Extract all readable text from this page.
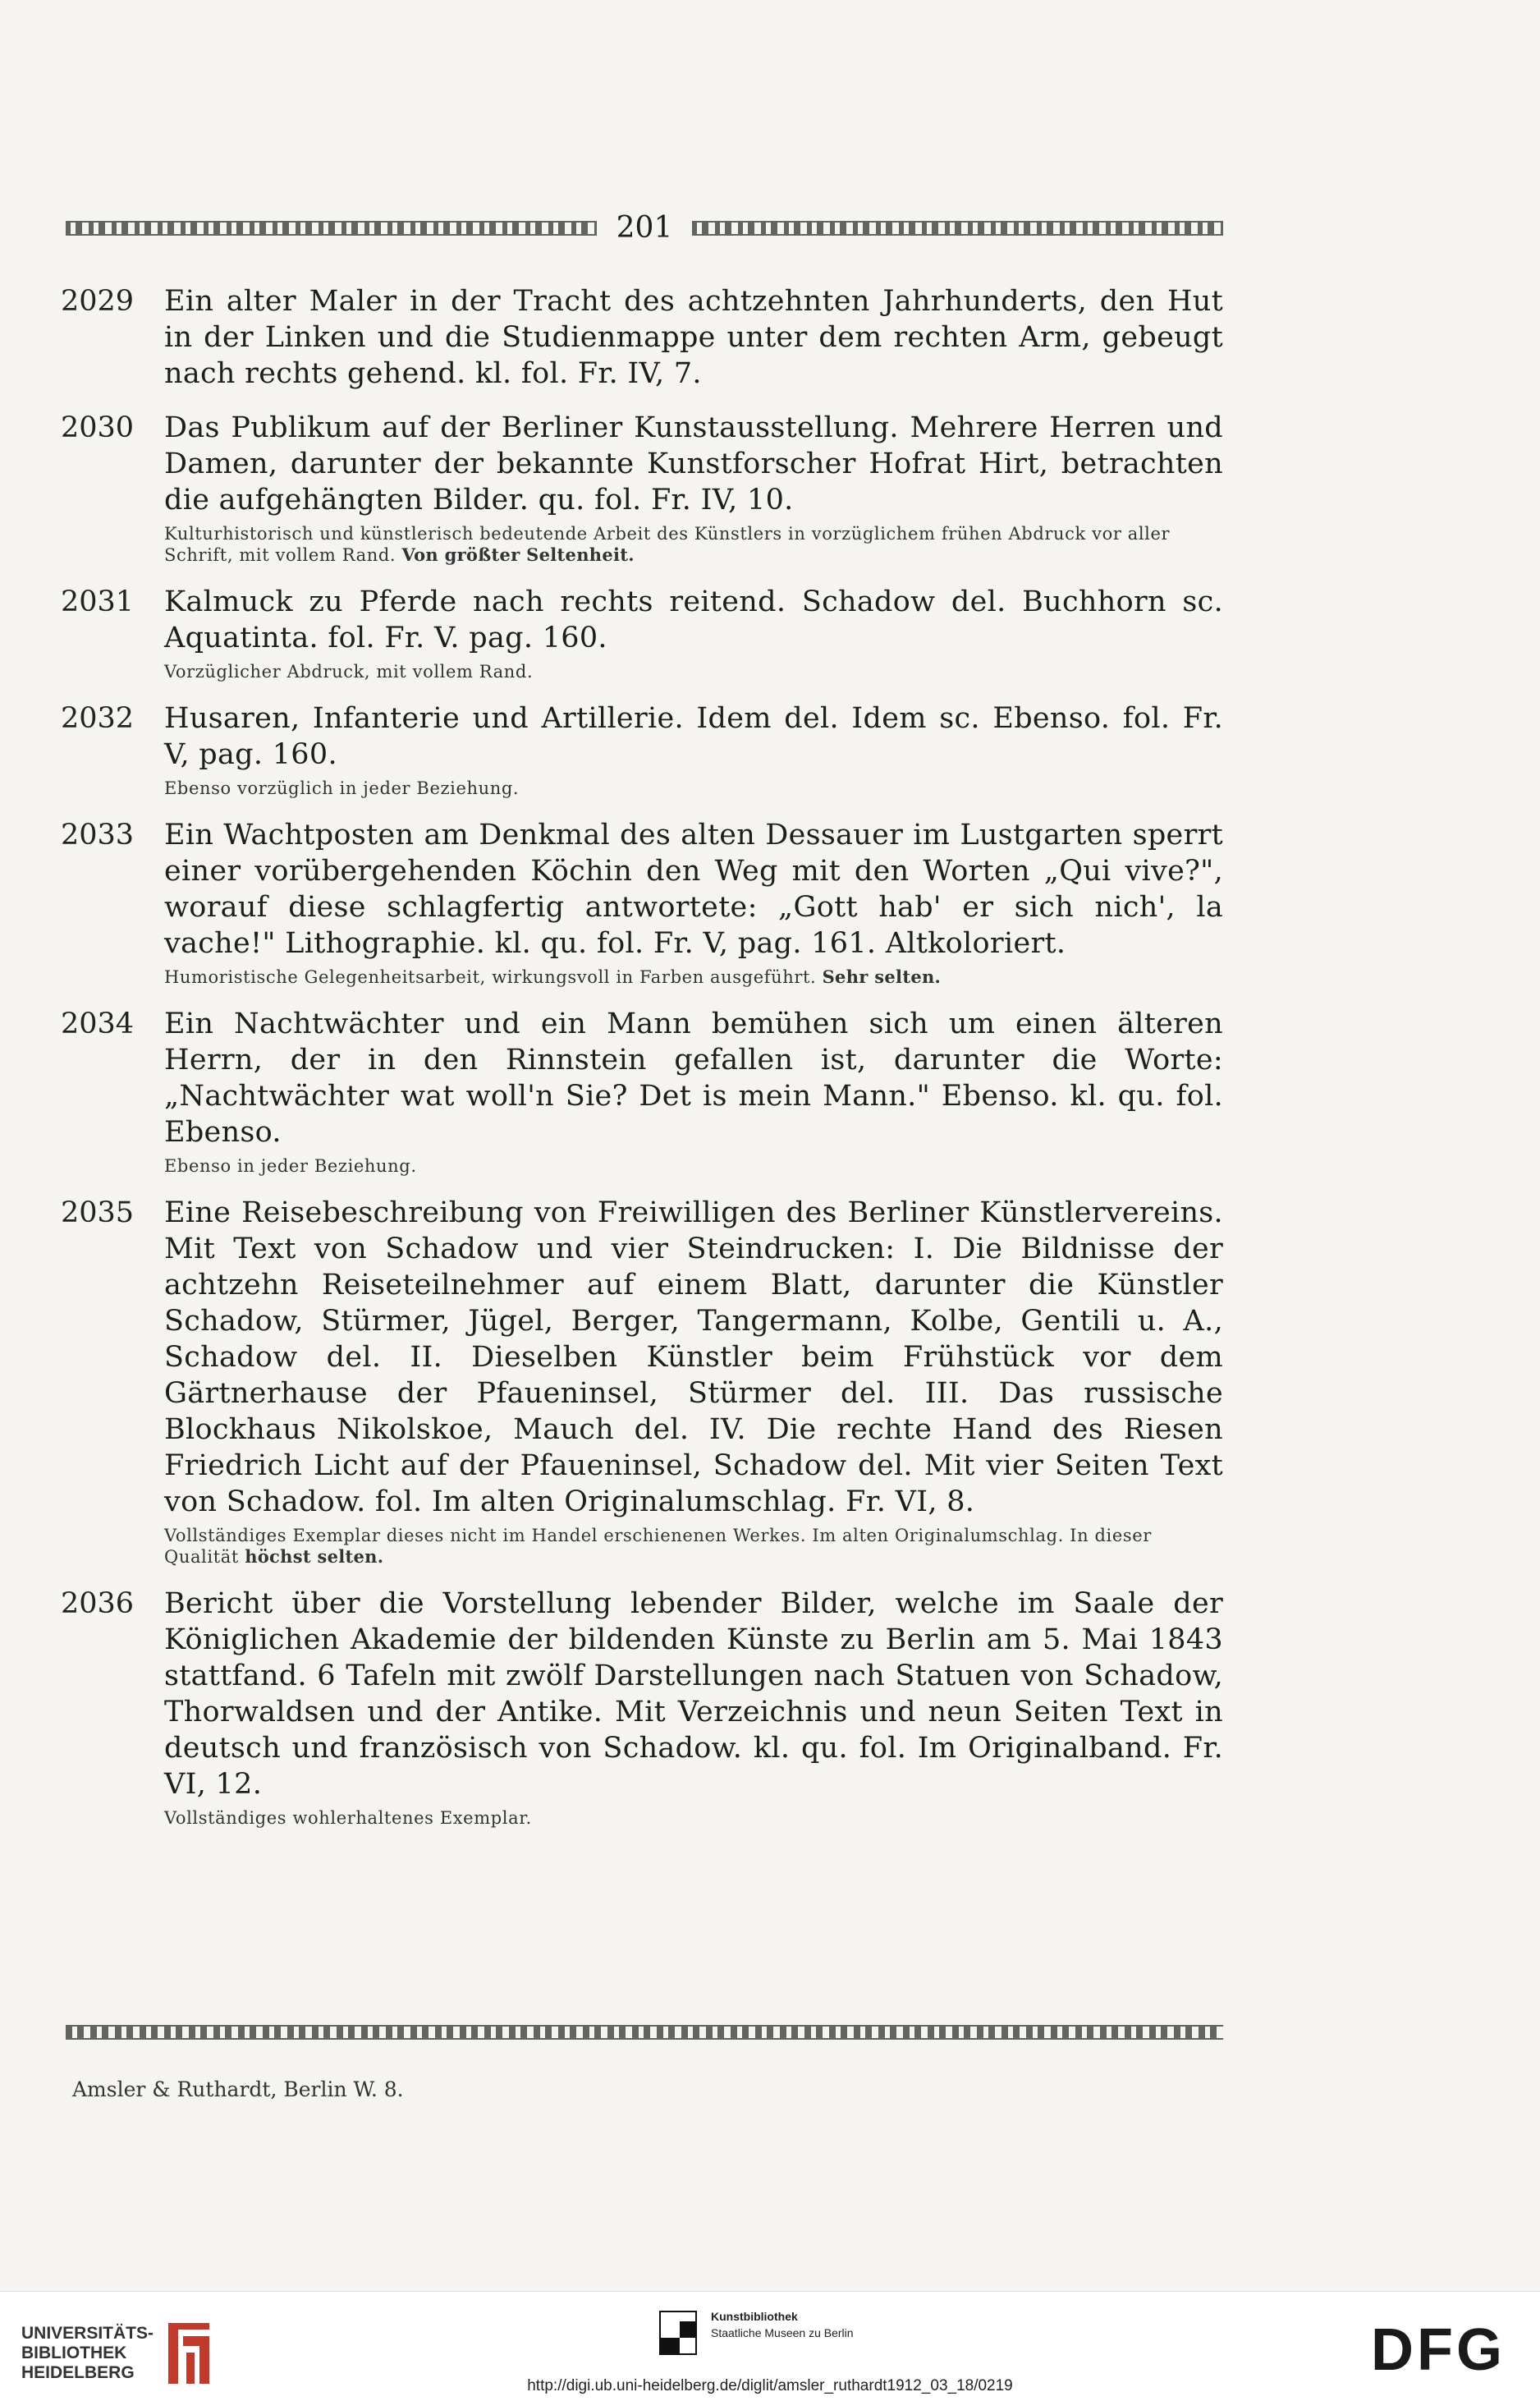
201
2029 Ein alter Maler in der Tracht des achtzehnten Jahrhunderts, den Hut in der Linken und die Studienmappe unter dem rechten Arm, gebeugt nach rechts gehend. kl. fol. Fr. IV, 7.
2030 Das Publikum auf der Berliner Kunstausstellung. Mehrere Herren und Damen, darunter der bekannte Kunstforscher Hofrat Hirt, betrachten die aufgehängten Bilder. qu. fol. Fr. IV, 10.
Kulturhistorisch und künstlerisch bedeutende Arbeit des Künstlers in vorzüglichem frühen Abdruck vor aller Schrift, mit vollem Rand. Von größter Seltenheit.
2031 Kalmuck zu Pferde nach rechts reitend. Schadow del. Buchhorn sc. Aquatinta. fol. Fr. V. pag. 160.
Vorzüglicher Abdruck, mit vollem Rand.
2032 Husaren, Infanterie und Artillerie. Idem del. Idem sc. Ebenso. fol. Fr. V, pag. 160.
Ebenso vorzüglich in jeder Beziehung.
2033 Ein Wachtposten am Denkmal des alten Dessauer im Lustgarten sperrt einer vorübergehenden Köchin den Weg mit den Worten „Qui vive?", worauf diese schlagfertig antwortete: „Gott hab' er sich nich', la vache!" Lithographie. kl. qu. fol. Fr. V, pag. 161. Altkoloriert.
Humoristische Gelegenheitsarbeit, wirkungsvoll in Farben ausgeführt. Sehr selten.
2034 Ein Nachtwächter und ein Mann bemühen sich um einen älteren Herrn, der in den Rinnstein gefallen ist, darunter die Worte: „Nachtwächter wat woll'n Sie? Det is mein Mann." Ebenso. kl. qu. fol. Ebenso.
Ebenso in jeder Beziehung.
2035 Eine Reisebeschreibung von Freiwilligen des Berliner Künstlervereins. Mit Text von Schadow und vier Steindrucken: I. Die Bildnisse der achtzehn Reiseteilnehmer auf einem Blatt, darunter die Künstler Schadow, Stürmer, Jügel, Berger, Tangermann, Kolbe, Gentili u. A., Schadow del. II. Dieselben Künstler beim Frühstück vor dem Gärtnerhause der Pfaueninsel, Stürmer del. III. Das russische Blockhaus Nikolskoe, Mauch del. IV. Die rechte Hand des Riesen Friedrich Licht auf der Pfaueninsel, Schadow del. Mit vier Seiten Text von Schadow. fol. Im alten Originalumschlag. Fr. VI, 8.
Vollständiges Exemplar dieses nicht im Handel erschienenen Werkes. Im alten Originalumschlag. In dieser Qualität höchst selten.
2036 Bericht über die Vorstellung lebender Bilder, welche im Saale der Königlichen Akademie der bildenden Künste zu Berlin am 5. Mai 1843 stattfand. 6 Tafeln mit zwölf Darstellungen nach Statuen von Schadow, Thorwaldsen und der Antike. Mit Verzeichnis und neun Seiten Text in deutsch und französisch von Schadow. kl. qu. fol. Im Originalband. Fr. VI, 12.
Vollständiges wohlerhaltenes Exemplar.
Amsler & Ruthardt, Berlin W. 8.
UNIVERSITÄTS-
BIBLIOTHEK
HEIDELBERG
Kunstbibliothek
Staatliche Museen zu Berlin	DFG
http://digi.ub.uni-heidelberg.de/diglit/amsler_ruthardt1912_03_18/0219
